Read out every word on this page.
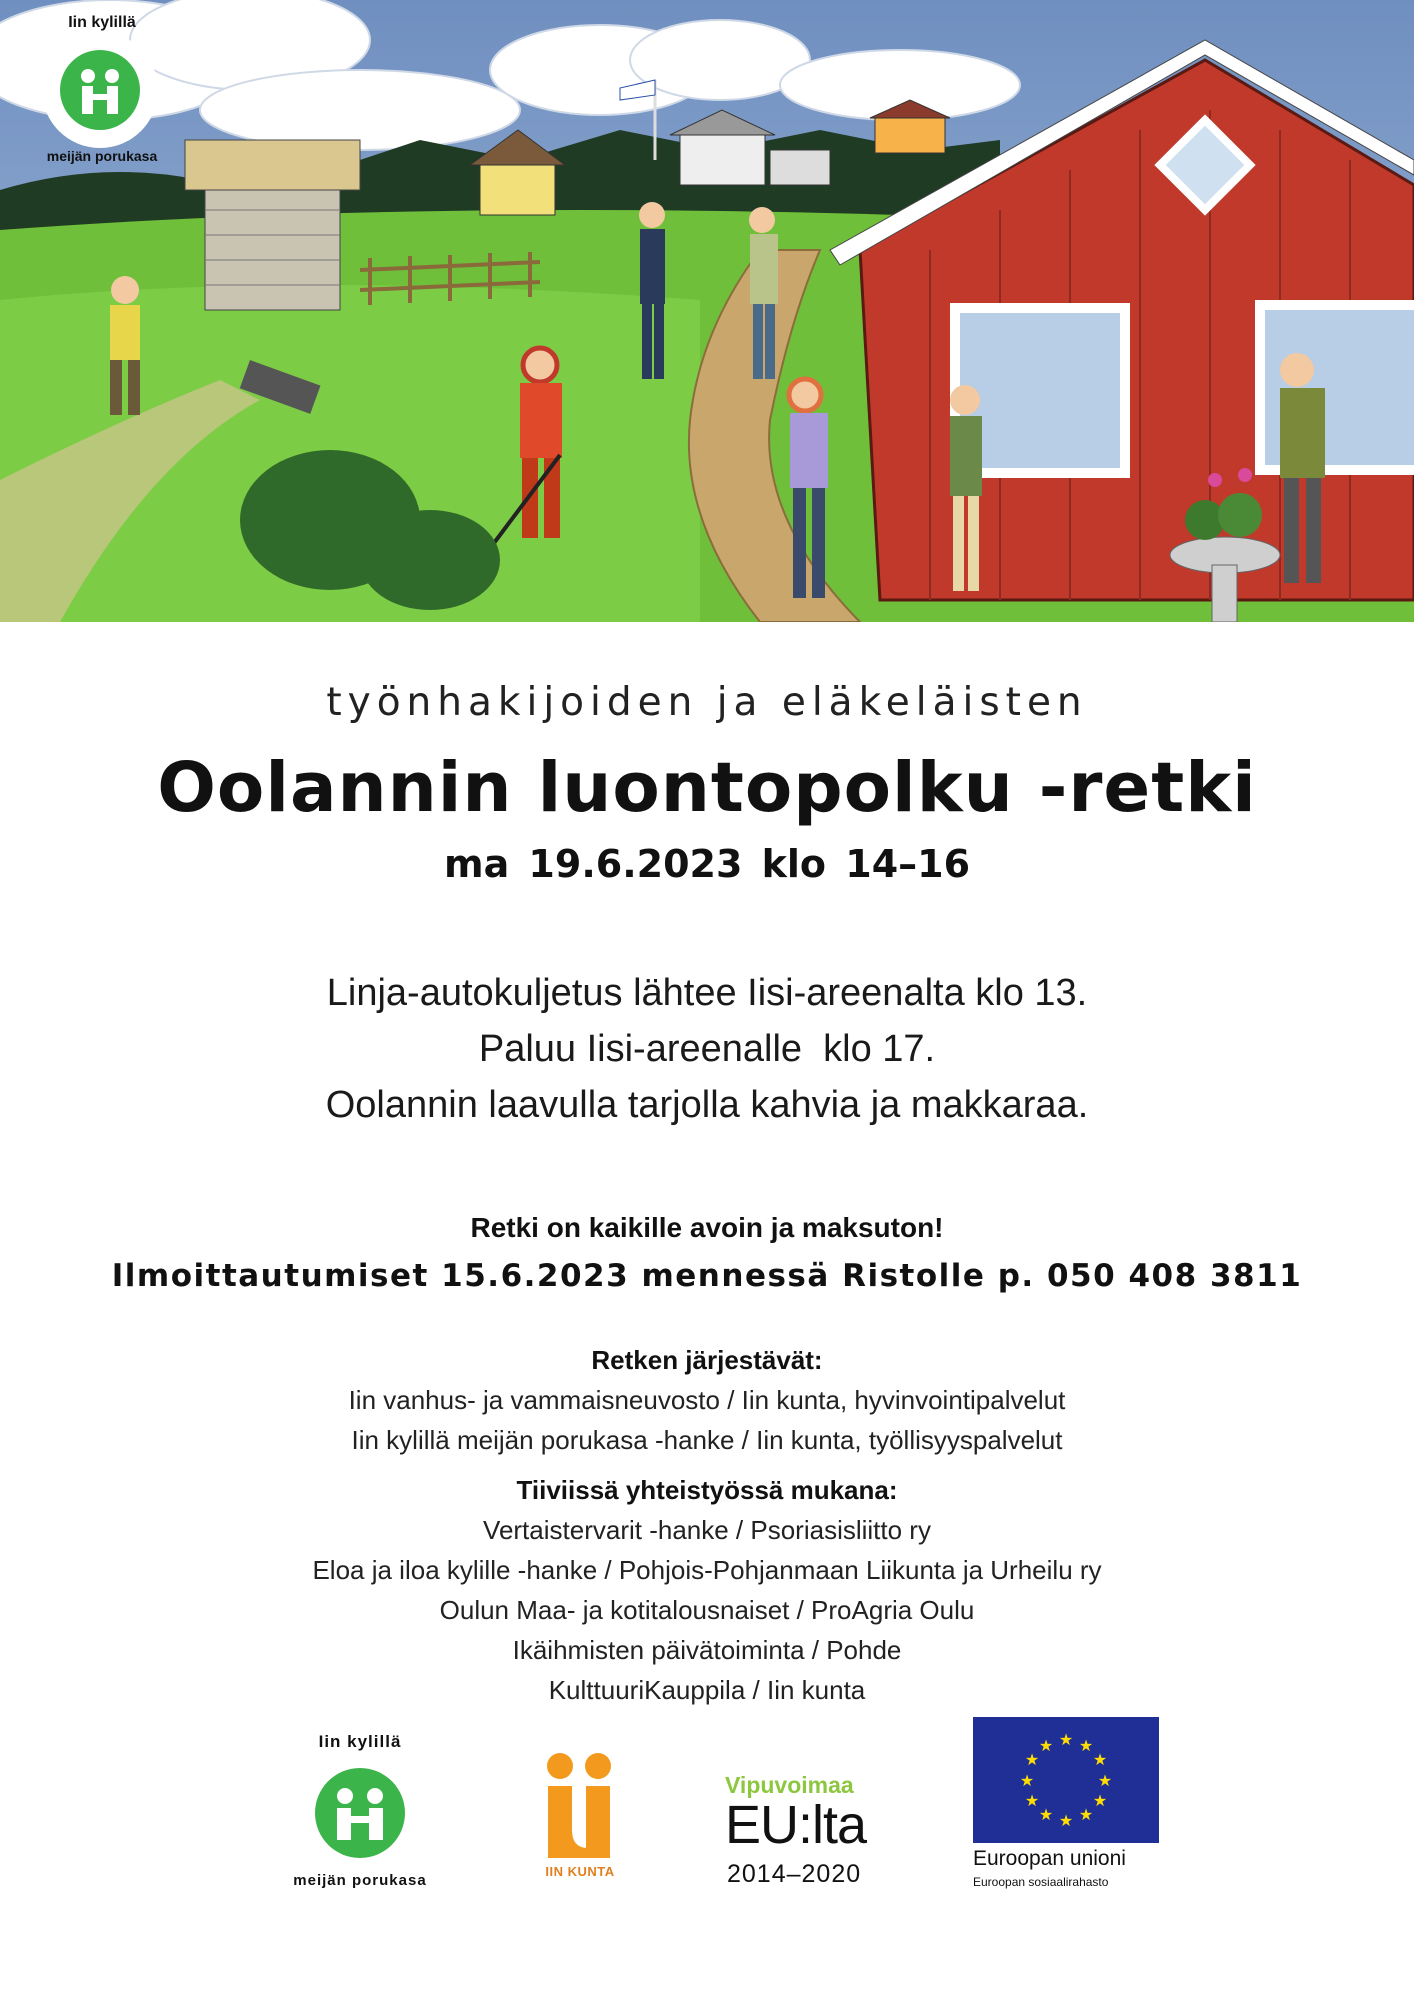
Iin kylillä
meijän porukasa
työnhakijoiden ja eläkeläisten
Oolannin luontopolku -retki
ma 19.6.2023 klo 14–16
Linja-autokuljetus lähtee Iisi-areenalta klo 13.
Paluu Iisi-areenalle  klo 17.
Oolannin laavulla tarjolla kahvia ja makkaraa.
Retki on kaikille avoin ja maksuton!
Ilmoittautumiset 15.6.2023 mennessä Ristolle p. 050 408 3811
Retken järjestävät:
Iin vanhus- ja vammaisneuvosto / Iin kunta, hyvinvointipalvelut
Iin kylillä meijän porukasa -hanke / Iin kunta, työllisyyspalvelut
Tiiviissä yhteistyössä mukana:
Vertaistervarit -hanke / Psoriasisliitto ry
Eloa ja iloa kylille -hanke / Pohjois-Pohjanmaan Liikunta ja Urheilu ry
Oulun Maa- ja kotitalousnaiset / ProAgria Oulu
Ikäihmisten päivätoiminta / Pohde
KulttuuriKauppila / Iin kunta
Iin kylillä
meijän porukasa
IIN KUNTA
Vipuvoimaa
EU:lta
2014–2020
★ ★
★
★
★
★
★
★
★
★
★
★
Euroopan unioni
Euroopan sosiaalirahasto
